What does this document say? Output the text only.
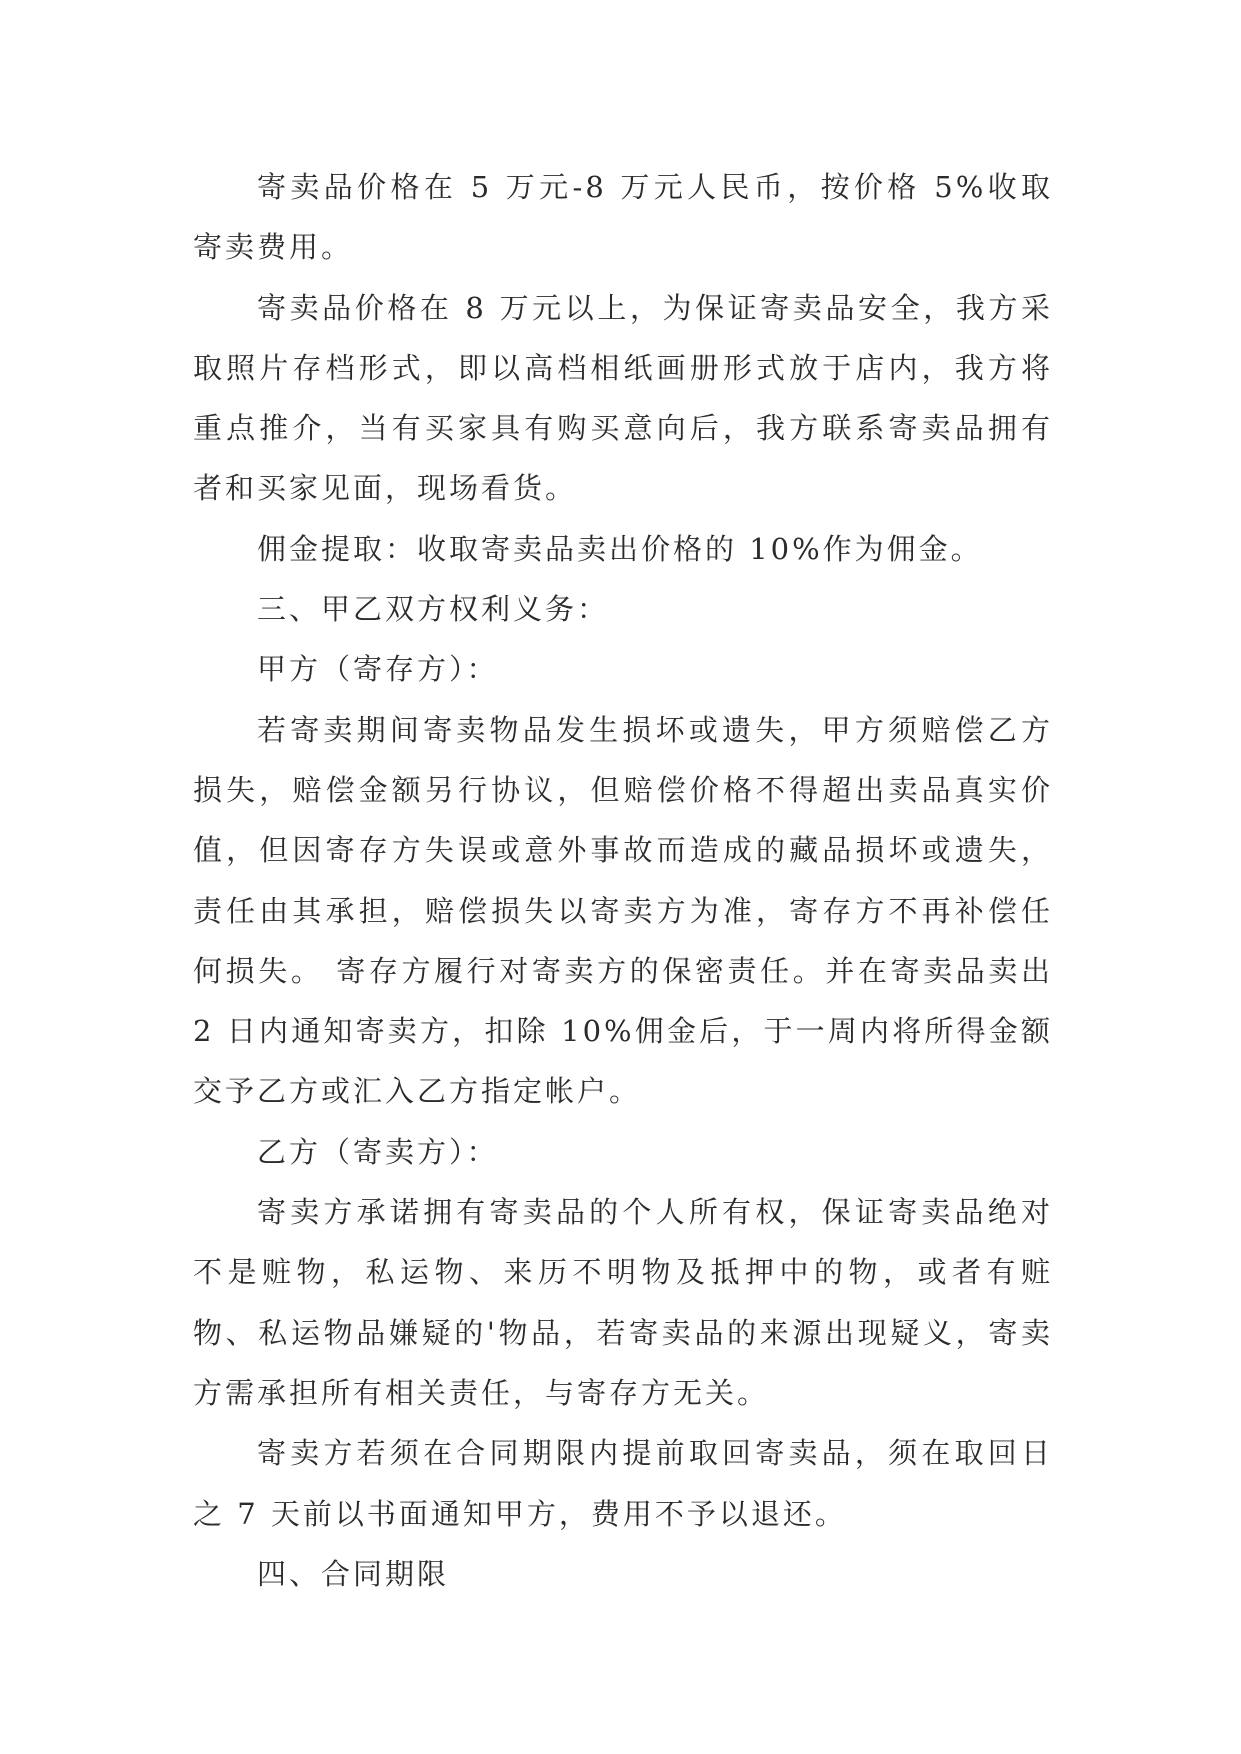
寄卖品价格在 5 万元-8 万元人民币，按价格 5%收取寄卖费用。

寄卖品价格在 8 万元以上，为保证寄卖品安全，我方采取照片存档形式，即以高档相纸画册形式放于店内，我方将重点推介，当有买家具有购买意向后，我方联系寄卖品拥有者和买家见面，现场看货。

佣金提取：收取寄卖品卖出价格的 10%作为佣金。

三、甲乙双方权利义务：

甲方（寄存方）：

若寄卖期间寄卖物品发生损坏或遗失，甲方须赔偿乙方损失，赔偿金额另行协议，但赔偿价格不得超出卖品真实价值，但因寄存方失误或意外事故而造成的藏品损坏或遗失，责任由其承担，赔偿损失以寄卖方为准，寄存方不再补偿任何损失。 寄存方履行对寄卖方的保密责任。并在寄卖品卖出 2 日内通知寄卖方，扣除 10%佣金后，于一周内将所得金额交予乙方或汇入乙方指定帐户。

乙方（寄卖方）：

寄卖方承诺拥有寄卖品的个人所有权，保证寄卖品绝对不是赃物，私运物、来历不明物及抵押中的物，或者有赃物、私运物品嫌疑的'物品，若寄卖品的来源出现疑义，寄卖方需承担所有相关责任，与寄存方无关。

寄卖方若须在合同期限内提前取回寄卖品，须在取回日之 7 天前以书面通知甲方，费用不予以退还。

四、合同期限
